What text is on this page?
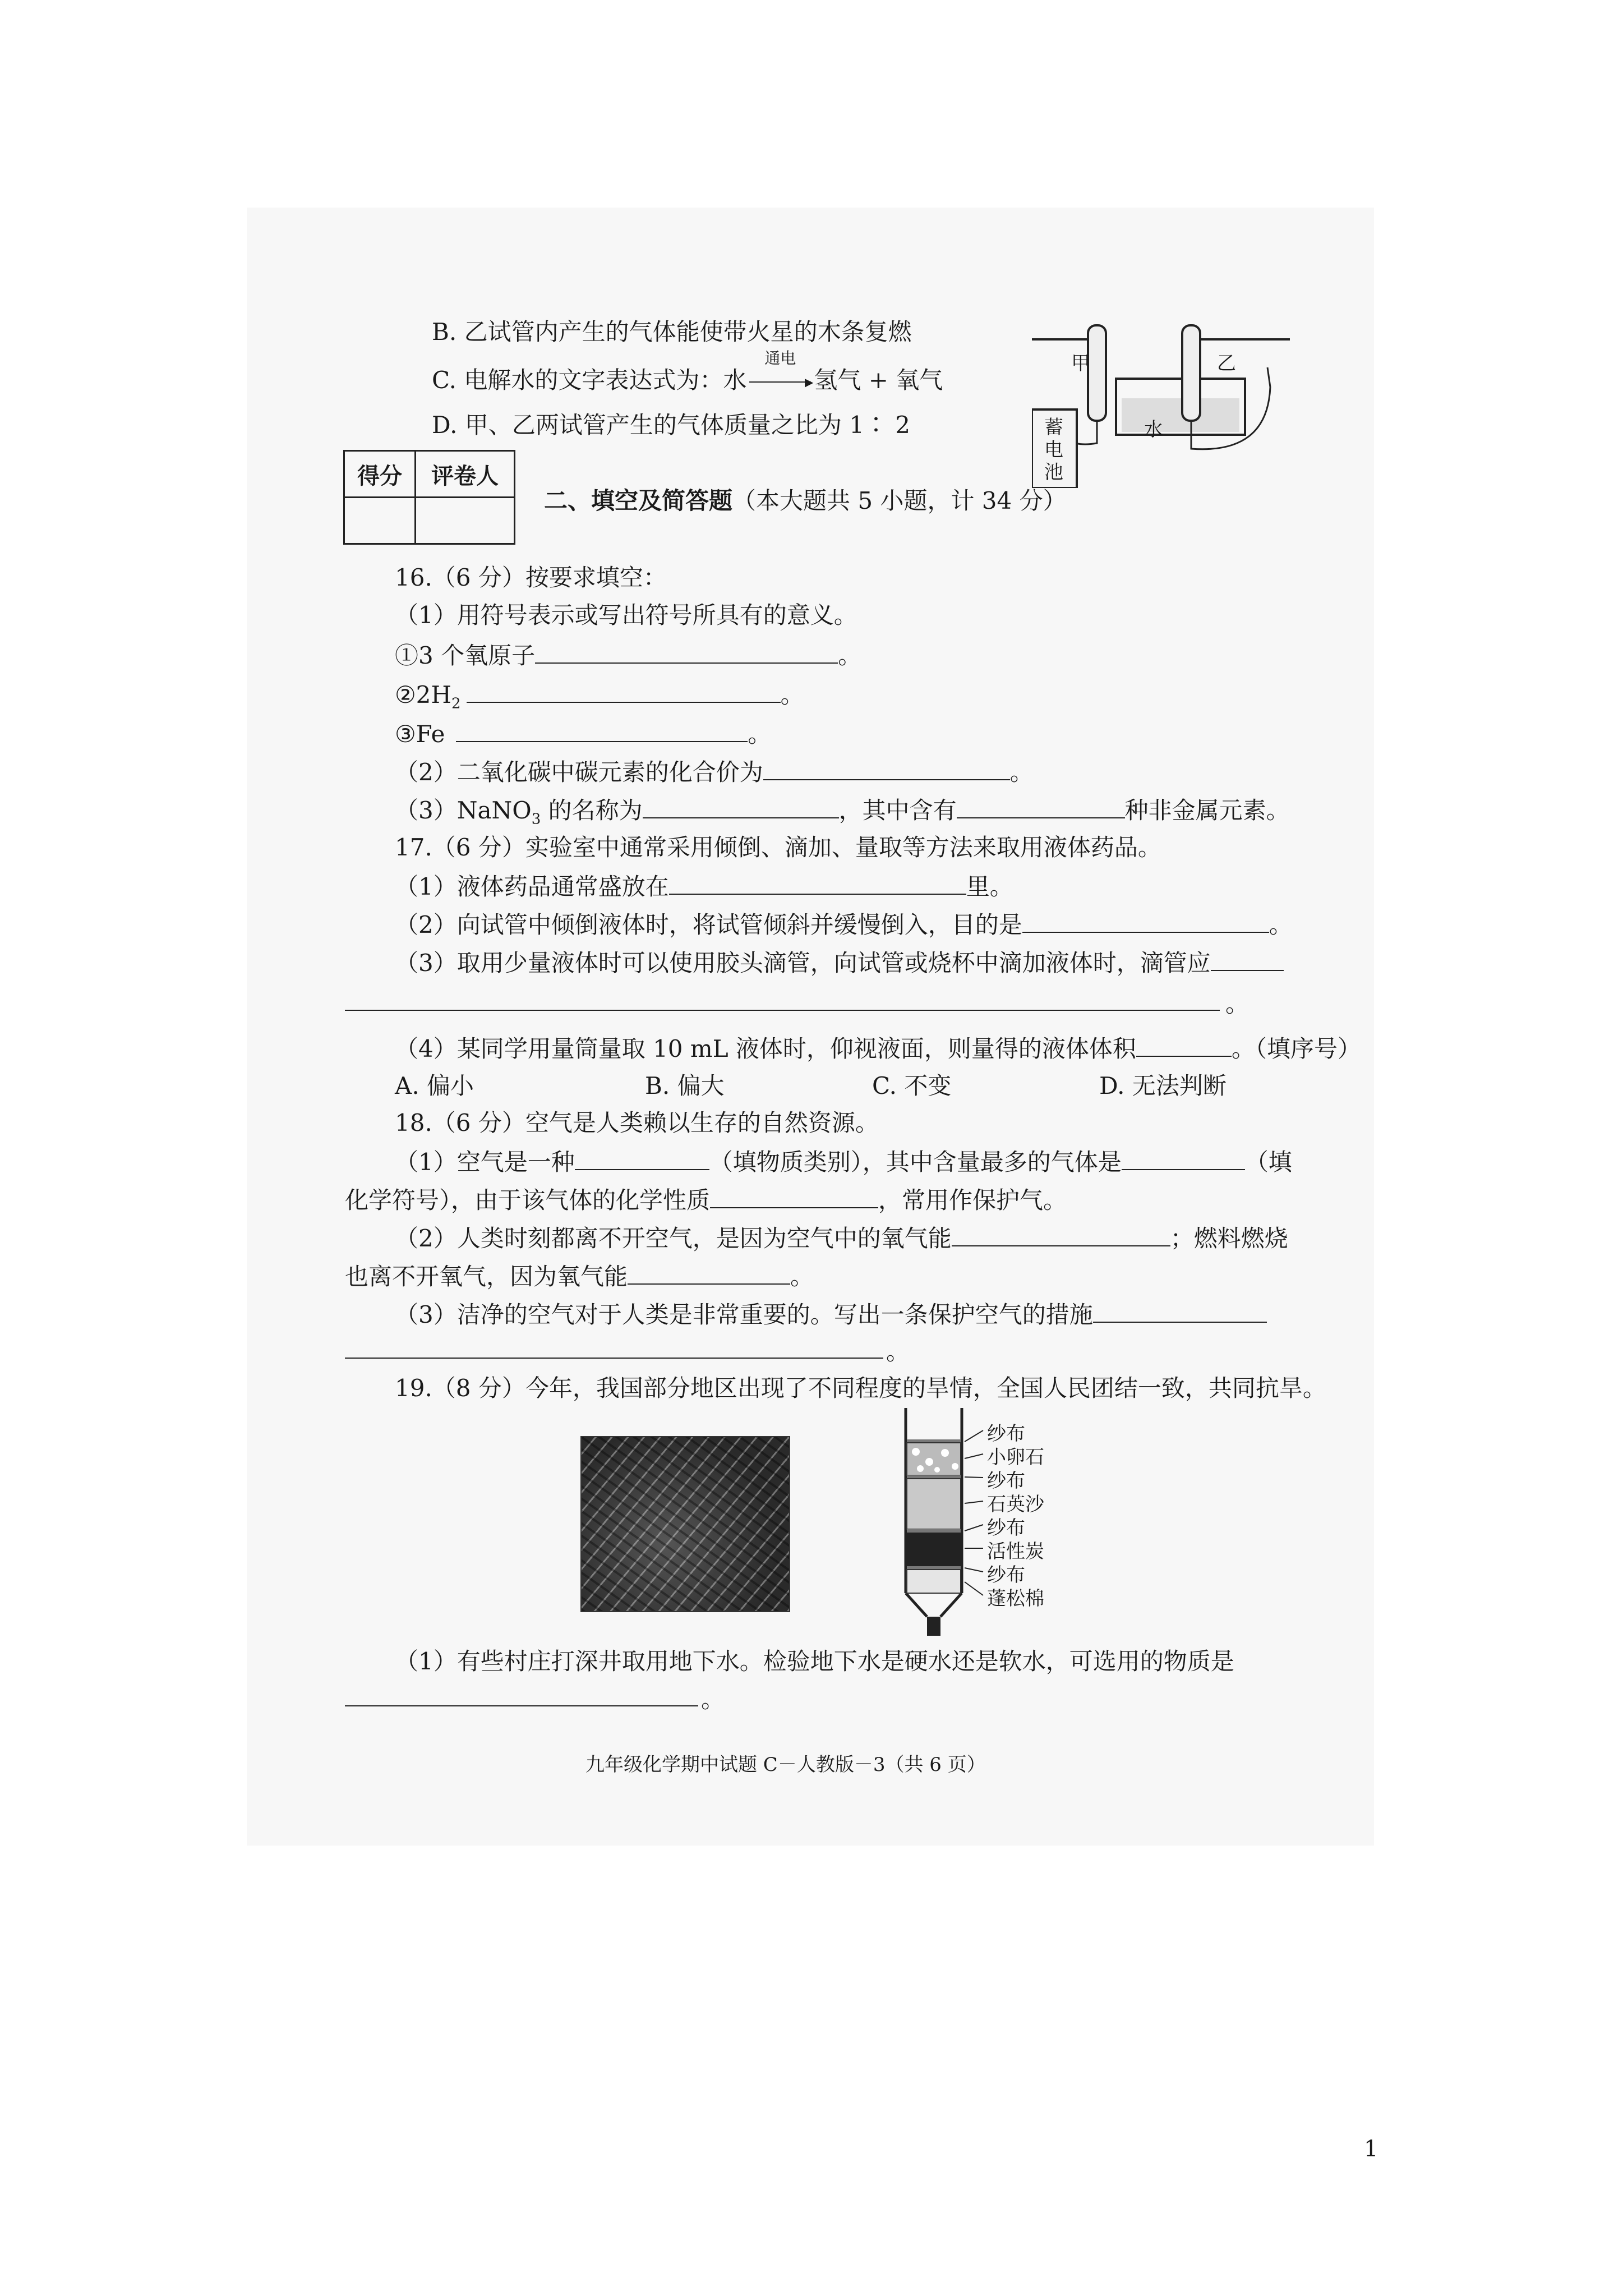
B. 乙试管内产生的气体能使带火星的木条复燃
C. 电解水的文字表达式为：水
通电
▶ 氢气 + 氧气
D. 甲、乙两试管产生的气体质量之比为 1∶ 2
甲	乙
水
蓄电池
得分	评卷人

二、填空及简答题（本大题共 5 小题，计 34 分）
16.（6 分）按要求填空：
（1）用符号表示或写出符号所具有的意义。
①3 个氧原子	。
$②2H_2$	。
③Fe	。
（2）二氧化碳中碳元素的化合价为	。
（3）NaNO$_3$ 的名称为	，其中含有	种非金属元素。
17.（6 分）实验室中通常采用倾倒、滴加、量取等方法来取用液体药品。
（1）液体药品通常盛放在	里。
（2）向试管中倾倒液体时，将试管倾斜并缓慢倒入，目的是	。
（3）取用少量液体时可以使用胶头滴管，向试管或烧杯中滴加液体时，滴管应
。
（4）某同学用量筒量取 10 mL 液体时，仰视液面，则量得的液体体积	。（填序号）
A. 偏小	B. 偏大	C. 不变	D. 无法判断
18.（6 分）空气是人类赖以生存的自然资源。
（1）空气是一种	（填物质类别），其中含量最多的气体是	（填
化学符号），由于该气体的化学性质	，常用作保护气。
（2）人类时刻都离不开空气，是因为空气中的氧气能	；燃料燃烧
也离不开氧气，因为氧气能	。
（3）洁净的空气对于人类是非常重要的。写出一条保护空气的措施
。
19.（8 分）今年，我国部分地区出现了不同程度的旱情，全国人民团结一致，共同抗旱。
纱布
小卵石
纱布
石英沙
纱布
活性炭
纱布
蓬松棉
（1）有些村庄打深井取用地下水。检验地下水是硬水还是软水，可选用的物质是
。
九年级化学期中试题 C－人教版－3（共 6 页）
1
